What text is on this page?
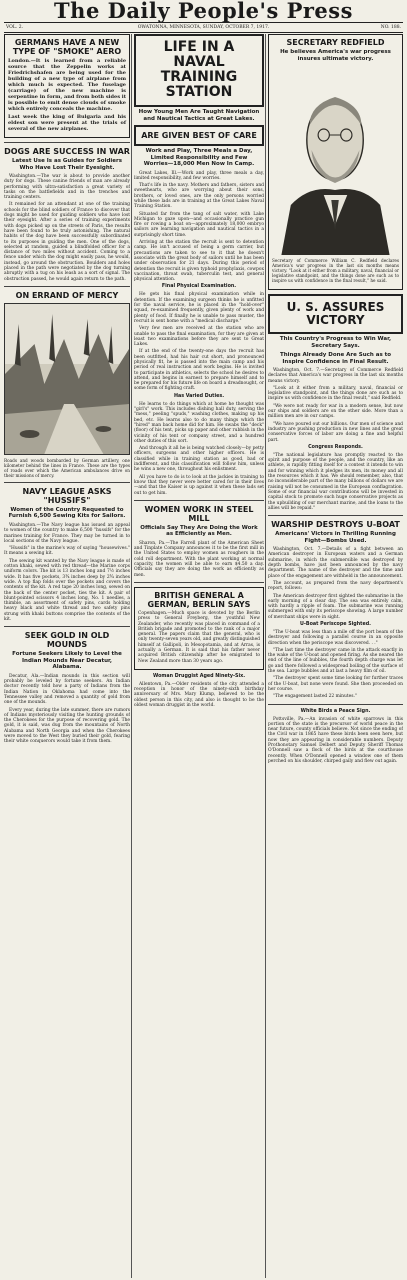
The Daily People's Press
VOL. 2.	OWATONNA, MINNESOTA, SUNDAY, OCTOBER 7, 1917.	NO. 188.
GERMANS HAVE A NEW TYPE OF "SMOKE" AERO

London.—It is learned from a reliable source that the Zeppelin works at Friedrichshafen are being used for the building of a new type of airplane from which much is expected. The fuselage (carriage) of the new machine is serpentine in form, and from both sides it is possible to emit dense clouds of smoke which entirely conceals the machine.

Last week the king of Bulgaria and his eldest son were present at the trials of several of the new airplanes.

DOGS ARE SUCCESS IN WAR
Latest Use Is as Guides for Soldiers Who Have Lost Their Eyesight.

Washington.—The war is about to provide another duty for dogs. These canine friends of man are already performing with ultra-satisfaction a great variety of tasks on the battlefields and in the trenches and training centers.

It remained for an attendant at one of the training schools for the blind soldiers of France to discover that dogs might be used for guiding soldiers who have lost their eyesight. After a series of training experiments with dogs picked up on the streets of Paris, the results have been found to be truly astonishing. The natural habits of the dog have been successfully subordinated to its purposes in guiding the men. One of the dogs, selected at random, guided a blindfolded officer for a distance of two miles without accident. Coming to a fence under which the dog might easily pass, he would, instead, go around the obstruction. Boulders and holes placed in the path were negotiated by the dog turning abruptly with a tug on his leash as a sort of signal. The obstruction passed, he would again return to the path.

ON ERRAND OF MERCY
Roads and woods bombarded by German artillery, one kilometer behind the lines in France. These are the types of roads over which the American ambulances drive on their missions of mercy.
NAVY LEAGUE ASKS "HUSSIFS"
Women of the Country Requested to Furnish 6,500 Sewing Kits for Sailors.

Washington.—The Navy league has issued an appeal to women of the country to make 6,500 "hussifs" for the marines training for France. They may be turned in to local sections of the Navy league.

"Hussifs" in the marine's way of saying "housewives." It means a sewing kit.

The sewing kit wanted by the Navy league is made of cotton khaki, sewed with red thread—the Marine corps uniform colors. The kit is 13 inches long and 7½ inches wide. It has five pockets, 3¾ inches deep by 2¾ inches wide. A top flap folds over the pockets and covers the contents of the kit. A red tape 20 inches long, sewed on the back of the center pocket, ties the kit. A pair of blunt-pointed scissors 4 inches long, No. 1 needles, a thimble, an assortment of safety pins, cards holding heavy black and white thread and two safety pins strung with khaki buttons comprise the contents of the kit.

SEEK GOLD IN OLD MOUNDS
Fortune Seekers Likely to Level the Indian Mounds Near Decatur, Alabama.

Decatur, Ala.—Indian mounds in this section will probably be leveled by fortune seekers. An Indian doctor recently told how a party of Indians from the Indian Nation in Oklahoma had come into the Tennessee valley and removed a quantity of gold from one of the mounds.

Every year, during the late summer, there are rumors of Indians mysteriously visiting the hunting grounds of the Cherokees for the purpose of recovering gold. The gold, it is said, was dug from the mountains of North Alabama and North Georgia and when the Cherokees were moved to the West they buried their gold, fearing their white conquerors would take it from them.

LIFE IN A NAVAL TRAINING STATION
How Young Men Are Taught Navigation and Nautical Tactics at Great Lakes.
ARE GIVEN BEST OF CARE
Work and Play, Three Meals a Day, Limited Responsibility and Few Worries—18,000 Men Now In Camp.

Great Lakes, Ill.—Work and play, three meals a day, limited responsibility, and few worries.

That's life in the navy. Mothers and fathers, sisters and sweethearts, who are worrying about their sons, brothers, or loved ones, are the only persons worried while these lads are in training at the Great Lakes Naval Training Station.

Situated far from the tang of salt water, with Lake Michigan to gaze upon—and occasionally practice gun fire or rowing a boat on—approximately 18,000 embryo sailors are learning navigation and nautical tactics in a surprisingly short time.

Arriving at the station the recruit is sent to detention camp. He isn't accused of being a germ carrier, but precautions are taken to see to it that he doesn't associate with the great body of sailors until he has been under observation for 21 days. During this period of detention the recruit is given typhoid prophylaxis, cowpox vaccination, throat swab, tuberculin test, and general physical attention.

Final Physical Examination.

He gets his final physical examination while in detention. If the examining surgeon thinks he is unfitted for the naval service, he is placed in the "hold-over" squad, re-examined frequently, given plenty of work and plenty of food. If finally he is unable to pass muster, the recruit is sent home with a "medical discharge."

Very few men are received at the station who are unable to pass the final examination, for they are given at least two examinations before they are sent to Great Lakes.

If at the end of the twenty-one days the recruit has been outfitted, had his hair cut short, and pronounced physically fit, he is passed into the main camp and his period of real instruction and work begins. He is invited to participate in athletics, selects the school he desires to attend, and begins in earnest to prepare himself and to be prepared for his future life on board a dreadnought, or some form of fighting craft.

Has Varied Duties.

He learns to do things which at home he thought was "girl's" work. This includes dishing hall duty, serving the "mess," peeling "spuds," washing clothes, making up his bed, etc. He learns also to do many things which the "hired" man back home did for him. He swabs the "deck" (floor) of his tent, picks up paper and other rubbish in the vicinity of his tent or company street, and a hundred other duties of this sort.

And through it all he is being watched closely—by petty officers, surgeons and other higher officers. He is classified while in training station as good, bad or indifferent, and this classification will follow him, unless he wins a new one, throughout his enlistment.

All you have to do is to look at the jackies in training to know that they never were better cared for in their lives—and that the Kaiser is up against it when these lads set out to get him.

WOMEN WORK IN STEEL MILL
Officials Say They Are Doing the Work as Efficiently as Men.

Sharon, Pa.—The Farrell plant of the American Sheet and Tinplate Company announces it to be the first mill in the United States to employ women as roughers in the cold roll department. With the plant working at normal capacity, the women will be able to earn $4.50 a day. Officials say they are doing the work as efficiently as men.

BRITISH GENERAL A GERMAN, BERLIN SAYS

Copenhagen.—Much space is devoted by the Berlin press to General Freyberg, the youthful New Zealander, who recently was placed in command of a British brigade and promoted to the rank of a major general. The papers claim that the general, who is only twenty-seven years old, and greatly distinguished himself at Gallipoli, in Mesopotamia, and at Arras, is actually a German. It is said that his father never acquired British citizenship after he emigrated to New Zealand more than 30 years ago.

Woman Druggist Aged Ninety-Six.

Allentown, Pa.—Older residents of the city attended a reception in honor of the ninety-sixth birthday anniversary of Mrs. Mary Klump, believed to be the oldest person in this city, and also is thought to be the oldest woman druggist in the world.

SECRETARY REDFIELD
He believes America's war progress insures ultimate victory.
Secretary of Commerce William C. Redfield declares America's war progress in the last six months means victory. "Look at it either from a military, naval, financial or legislative standpoint, and the things done are such as to inspire us with confidence in the final result," he said.
U. S. ASSURES VICTORY
This Country's Progress to Win War, Secretary Says.
Things Already Done Are Such as to Inspire Confidence in Final Result.

Washington, Oct. 7.—Secretary of Commerce Redfield declares that America's war progress in the last six months means victory.

"Look at it either from a military, naval, financial or legislative standpoint, and the things done are such as to inspire us with confidence in the final result," said Redfield.

"We were not ready for war in a modern sense, but now our ships and soldiers are on the other side. More than a million men are in our camps.

"We have poured out our billions. Our men of science and industry are pushing production in new lines and the great conservative forces of labor are doing a fine and helpful part.

Congress Responds.

"The national legislature has promptly reacted to the spirit and purpose of the people, and the country, like an athlete, is rapidly fitting itself for a contest it intends to win and for winning which it pledges its men, its money and all the resources which it has. We should remember, also, that no inconsiderable part of the many billions of dollars we are raising will not be consumed in the European conflagration. Some of our financial war contributions will be invested in capital stock to promote such huge conservative projects as the upbuilding of our merchant marine, and the loans to the allies will be repaid."

WARSHIP DESTROYS U-BOAT
Americans' Victors in Thrilling Running Fight—Bombs Used.

Washington, Oct. 7.—Details of a fight between an American destroyer in European waters and a German submarine, in which the submersible was destroyed by depth bombs, have just been announced by the navy department. The name of the destroyer and the time and place of the engagement are withheld in the announcement.

The account, as prepared from the navy department's report, follows:

The American destroyer first sighted the submarine in the early morning of a clear day. The sea was entirely calm, with hardly a ripple of foam. The submarine was running submerged with only its periscope showing. A large number of merchant ships were in sight.

U-Boat Periscope Sighted.

"The U-boat was less than a mile off the port beam of the destroyer and following a parallel course in an opposite direction when the periscope was discovered. . ."

"The last time the destroyer came in the attack exactly in the wake of the U-boat and opened firing. As she neared the end of the line of bubbles, the fourth depth charge was let go and there followed a widespread boiling of the surface of the sea. Large bubbles and at last a heavy film of oil.

"The destroyer spent some time looking for further traces of the U-boat, but none were found. She then proceeded on her course.

"The engagement lasted 22 minutes."

White Birds a Peace Sign.

Pottsville, Pa.—An invasion of white sparrows in this portion of the state is the precursor of world peace in the near future, county officials believe. Not since the ending of the Civil war in 1865 have these birds been seen here, but now they are appearing in considerable numbers. Deputy Prothonotary Samuel Delbert and Deputy Sheriff Thomas O'Donnell saw a flock of the birds at the courthouse recently. When O'Donnell opened a window one of them perched on his shoulder, chirped gaily and flew out again.
